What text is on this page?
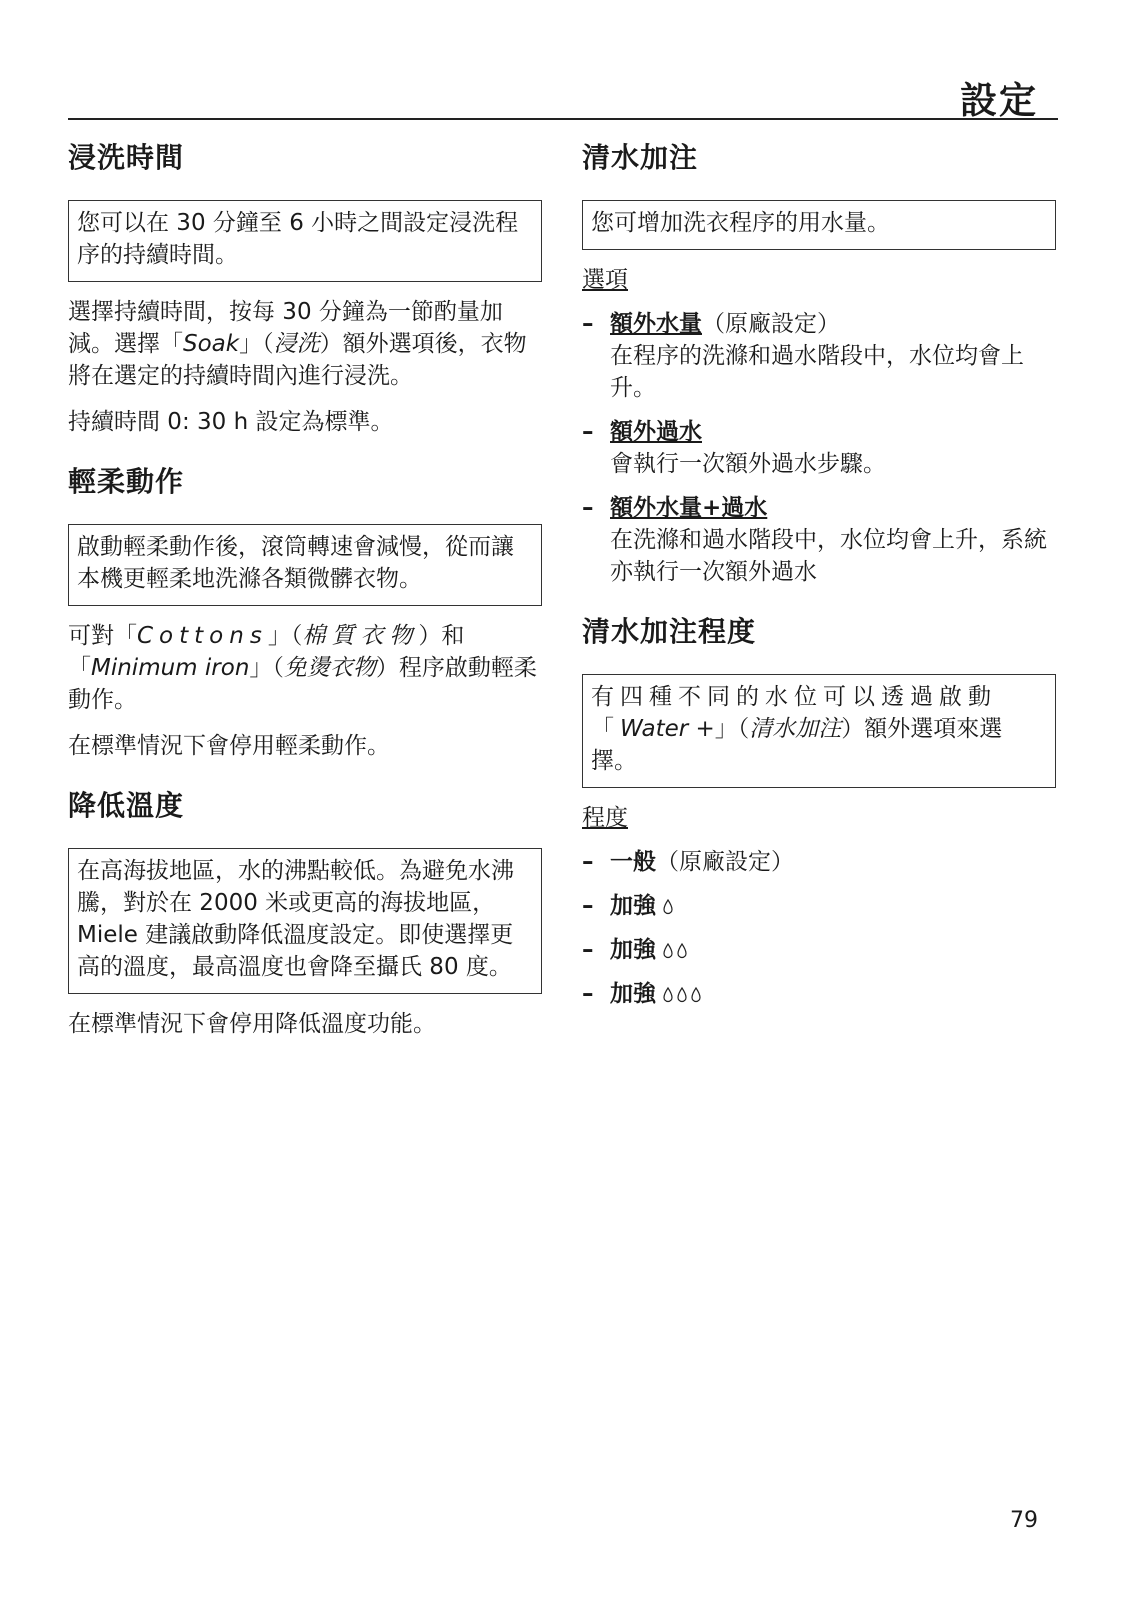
設定
浸洗時間
您可以在 30 分鐘至 6 小時之間設定浸洗程序的持續時間。

選擇持續時間，按每 30 分鐘為一節酌量加減。選擇「Soak」（浸洗）額外選項後，衣物將在選定的持續時間內進行浸洗。

持續時間 0: 30 h 設定為標準。

輕柔動作
啟動輕柔動作後，滾筒轉速會減慢，從而讓本機更輕柔地洗滌各類微髒衣物。

可對「Cottons」（棉質衣物）和「Minimum iron」（免燙衣物）程序啟動輕柔動作。

在標準情況下會停用輕柔動作。

降低溫度
在高海拔地區，水的沸點較低。為避免水沸騰，對於在 2000 米或更高的海拔地區，Miele 建議啟動降低溫度設定。即使選擇更高的溫度，最高溫度也會降至攝氏 80 度。

在標準情況下會停用降低溫度功能。

清水加注
您可增加洗衣程序的用水量。
選項
– 額外水量（原廠設定）
在程序的洗滌和過水階段中，水位均會上升。
– 額外過水
會執行一次額外過水步驟。
– 額外水量+過水
在洗滌和過水階段中，水位均會上升，系統亦執行一次額外過水
清水加注程度
有四種不同的水位可以透過啟動「Water +」（清水加注）額外選項來選擇。
程度
– 一般（原廠設定）
– 加強
– 加強
– 加強
79
